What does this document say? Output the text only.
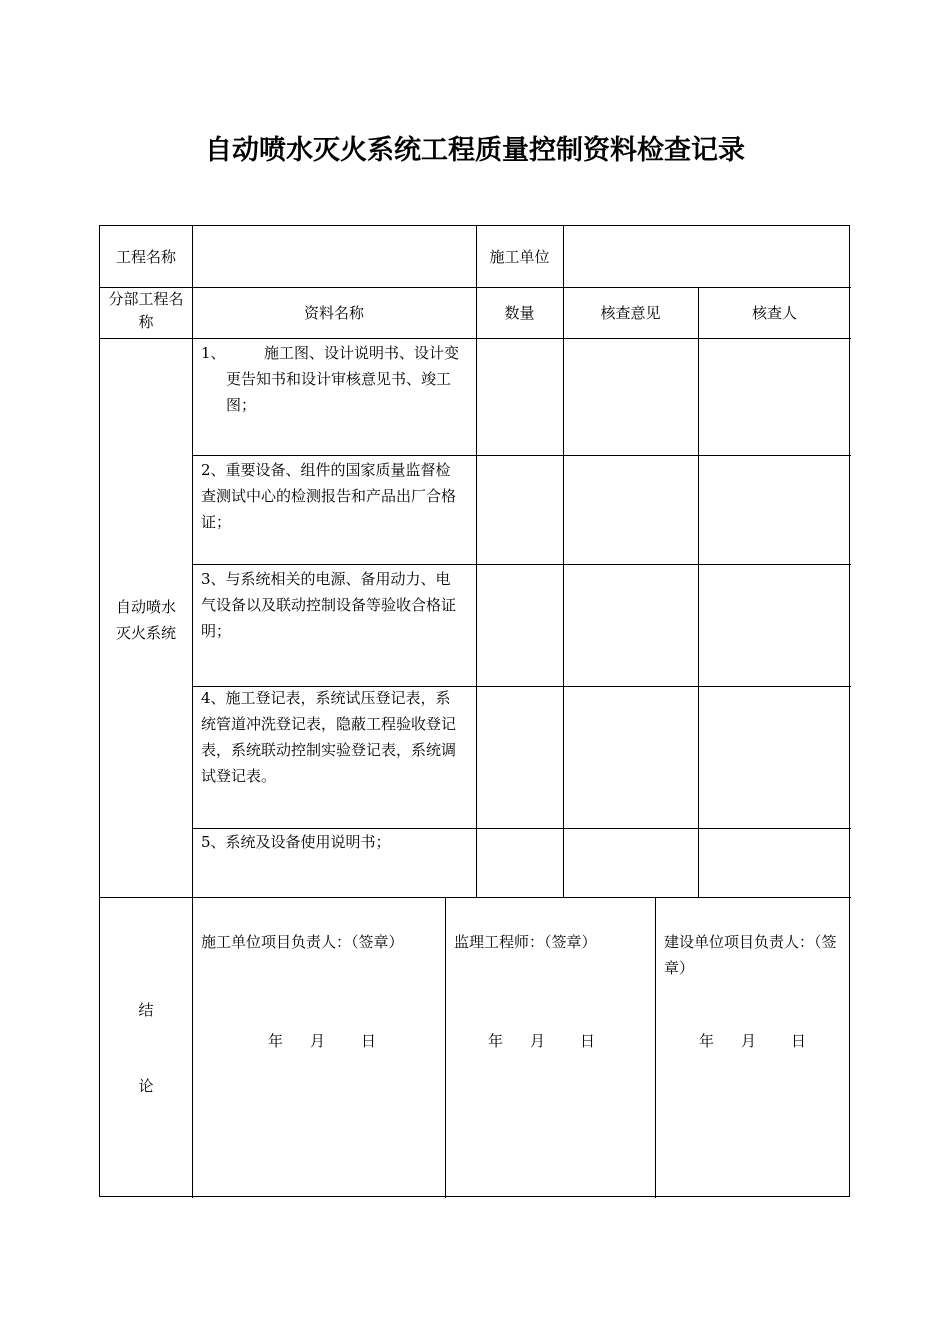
自动喷水灭火系统工程质量控制资料检查记录
工程名称	施工单位
分部工程名称	资料名称	数量	核查意见	核查人
自动喷水灭火系统
1、	施工图、设计说明书、设计变更告知书和设计审核意见书、竣工图；
2、重要设备、组件的国家质量监督检查测试中心的检测报告和产品出厂合格证；
3、与系统相关的电源、备用动力、电气设备以及联动控制设备等验收合格证明；
4、施工登记表，系统试压登记表，系统管道冲洗登记表，隐蔽工程验收登记表，系统联动控制实验登记表，系统调试登记表。
5、系统及设备使用说明书；
结
论
施工单位项目负责人：（签章）	监理工程师：（签章）	建设单位项目负责人：（签章）
年 月 日	年 月 日	年 月 日
